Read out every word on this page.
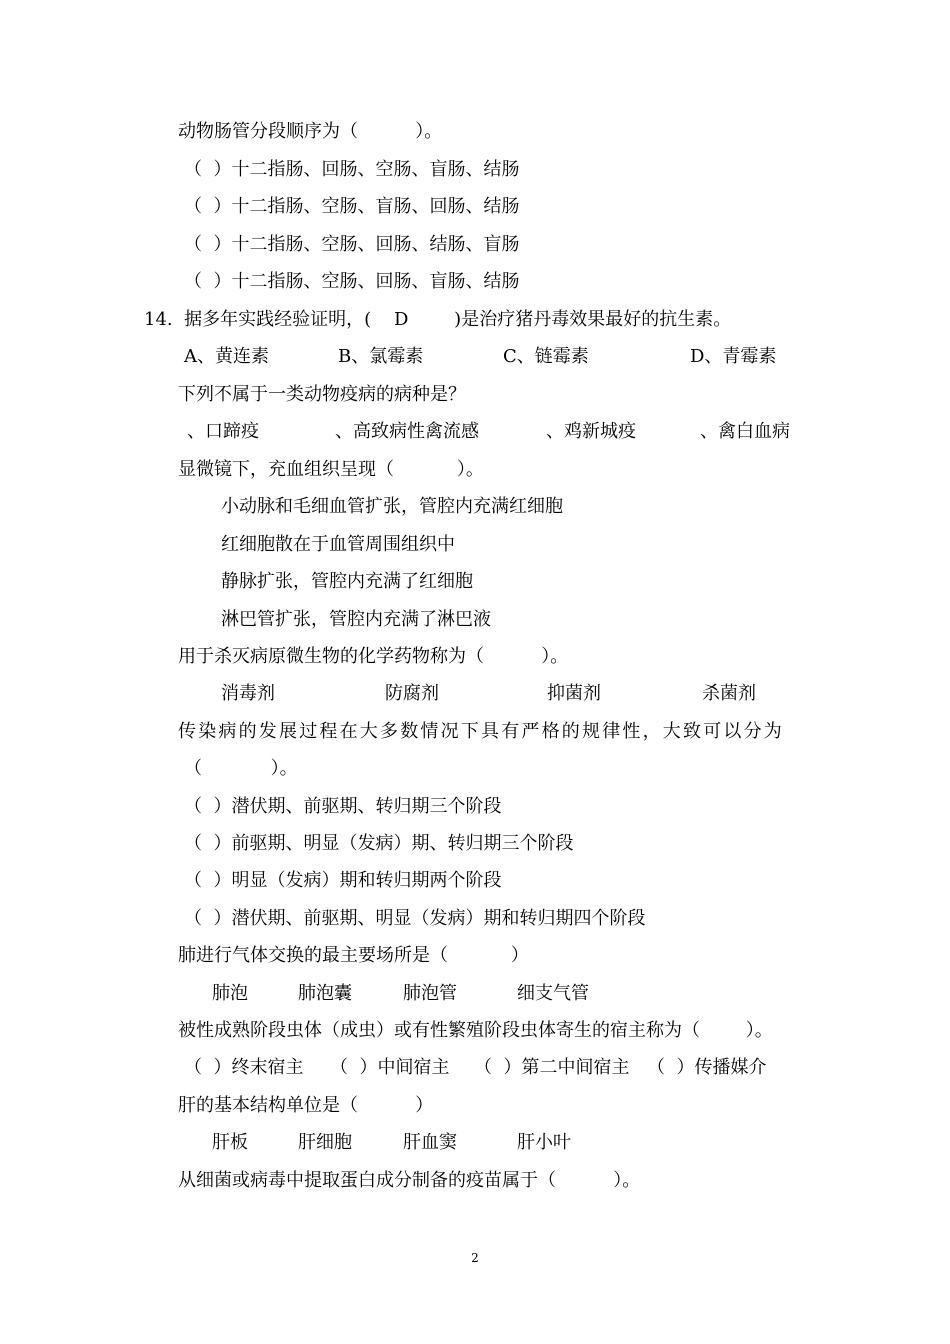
动物肠管分段顺序为（          ）。
（  ）十二指肠、回肠、空肠、盲肠、结肠
（  ）十二指肠、空肠、盲肠、回肠、结肠
（  ）十二指肠、空肠、回肠、结肠、盲肠
（  ）十二指肠、空肠、回肠、盲肠、结肠
14.  据多年实践经验证明，(    D        )是治疗猪丹毒效果最好的抗生素。
A、黄连素	B、氯霉素	C、链霉素	D、青霉素
下列不属于一类动物疫病的病种是？
、口蹄疫	、高致病性禽流感	、鸡新城疫	、禽白血病
显微镜下，充血组织呈现（           ）。
小动脉和毛细血管扩张，管腔内充满红细胞
红细胞散在于血管周围组织中
静脉扩张，管腔内充满了红细胞
淋巴管扩张，管腔内充满了淋巴液
用于杀灭病原微生物的化学药物称为（          ）。
消毒剂	防腐剂	抑菌剂	杀菌剂
传染病的发展过程在大多数情况下具有严格的规律性，大致可以分为
（            ）。
（  ）潜伏期、前驱期、转归期三个阶段
（  ）前驱期、明显（发病）期、转归期三个阶段
（  ）明显（发病）期和转归期两个阶段
（  ）潜伏期、前驱期、明显（发病）期和转归期四个阶段
肺进行气体交换的最主要场所是（           ）
肺泡	肺泡囊	肺泡管	细支气管
被性成熟阶段虫体（成虫）或有性繁殖阶段虫体寄生的宿主称为（        ）。
（  ）终末宿主 （  ）中间宿主 （  ）第二中间宿主 （  ）传播媒介
肝的基本结构单位是（          ）
肝板	肝细胞	肝血窦	肝小叶
从细菌或病毒中提取蛋白成分制备的疫苗属于（          ）。
2
